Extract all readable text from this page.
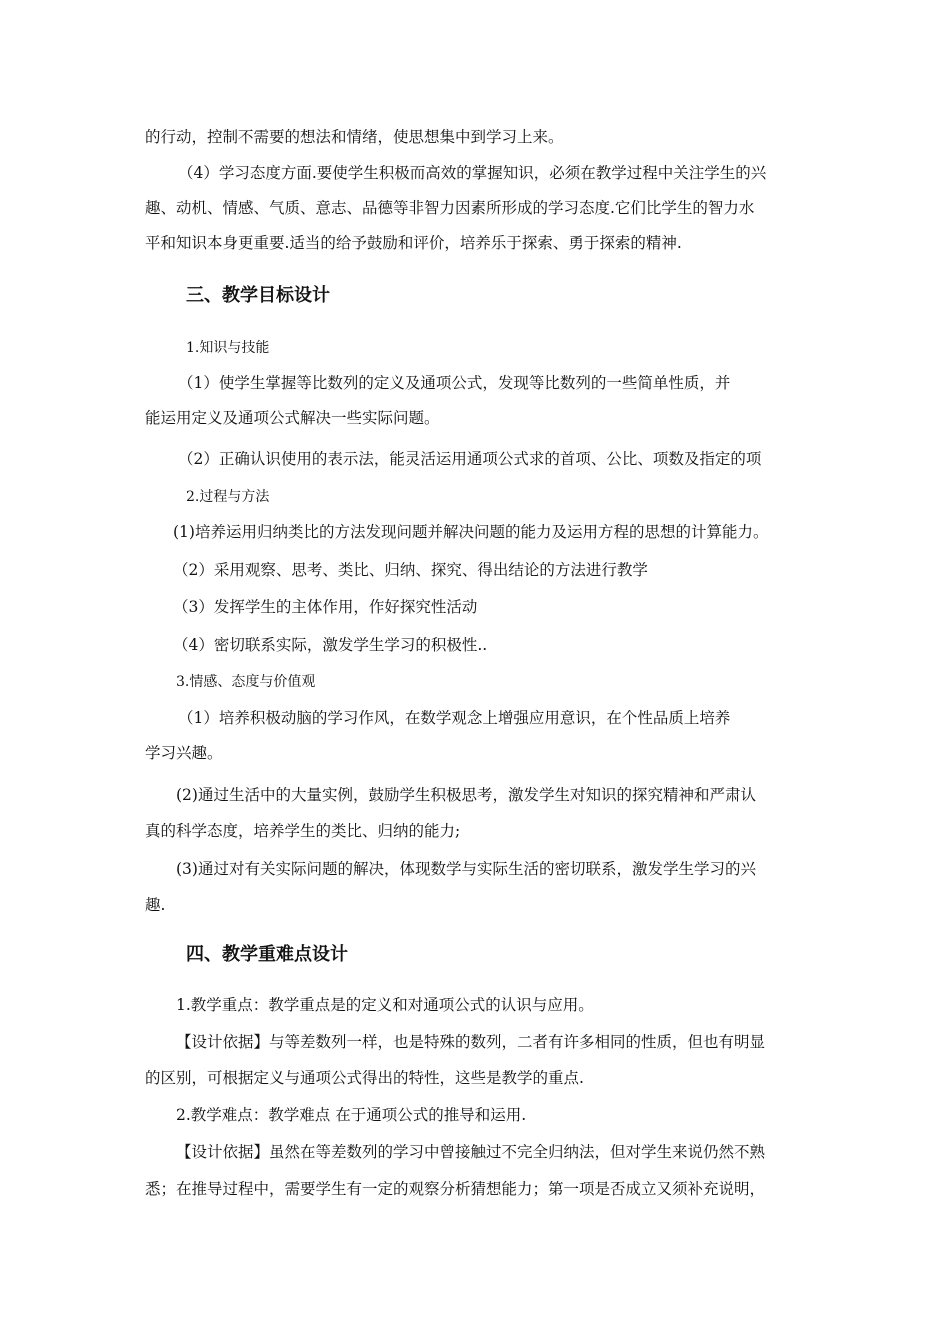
的行动，控制不需要的想法和情绪，使思想集中到学习上来。
（4）学习态度方面.要使学生积极而高效的掌握知识，必须在教学过程中关注学生的兴
趣、动机、情感、气质、意志、品德等非智力因素所形成的学习态度.它们比学生的智力水
平和知识本身更重要.适当的给予鼓励和评价，培养乐于探索、勇于探索的精神.
三、教学目标设计
1.知识与技能
（1）使学生掌握等比数列的定义及通项公式，发现等比数列的一些简单性质，并
能运用定义及通项公式解决一些实际问题。
（2）正确认识使用的表示法，能灵活运用通项公式求的首项、公比、项数及指定的项
2.过程与方法
(1)培养运用归纳类比的方法发现问题并解决问题的能力及运用方程的思想的计算能力。
（2）采用观察、思考、类比、归纳、探究、得出结论的方法进行教学
（3）发挥学生的主体作用，作好探究性活动
（4）密切联系实际，激发学生学习的积极性..
3.情感、态度与价值观
（1）培养积极动脑的学习作风，在数学观念上增强应用意识，在个性品质上培养
学习兴趣。
(2)通过生活中的大量实例，鼓励学生积极思考，激发学生对知识的探究精神和严肃认
真的科学态度，培养学生的类比、归纳的能力;
(3)通过对有关实际问题的解决，体现数学与实际生活的密切联系，激发学生学习的兴
趣.
四、教学重难点设计
1.教学重点：教学重点是的定义和对通项公式的认识与应用。
【设计依据】与等差数列一样，也是特殊的数列，二者有许多相同的性质，但也有明显
的区别，可根据定义与通项公式得出的特性，这些是教学的重点.
2.教学难点：教学难点 在于通项公式的推导和运用.
【设计依据】虽然在等差数列的学习中曾接触过不完全归纳法，但对学生来说仍然不熟
悉；在推导过程中，需要学生有一定的观察分析猜想能力；第一项是否成立又须补充说明，
